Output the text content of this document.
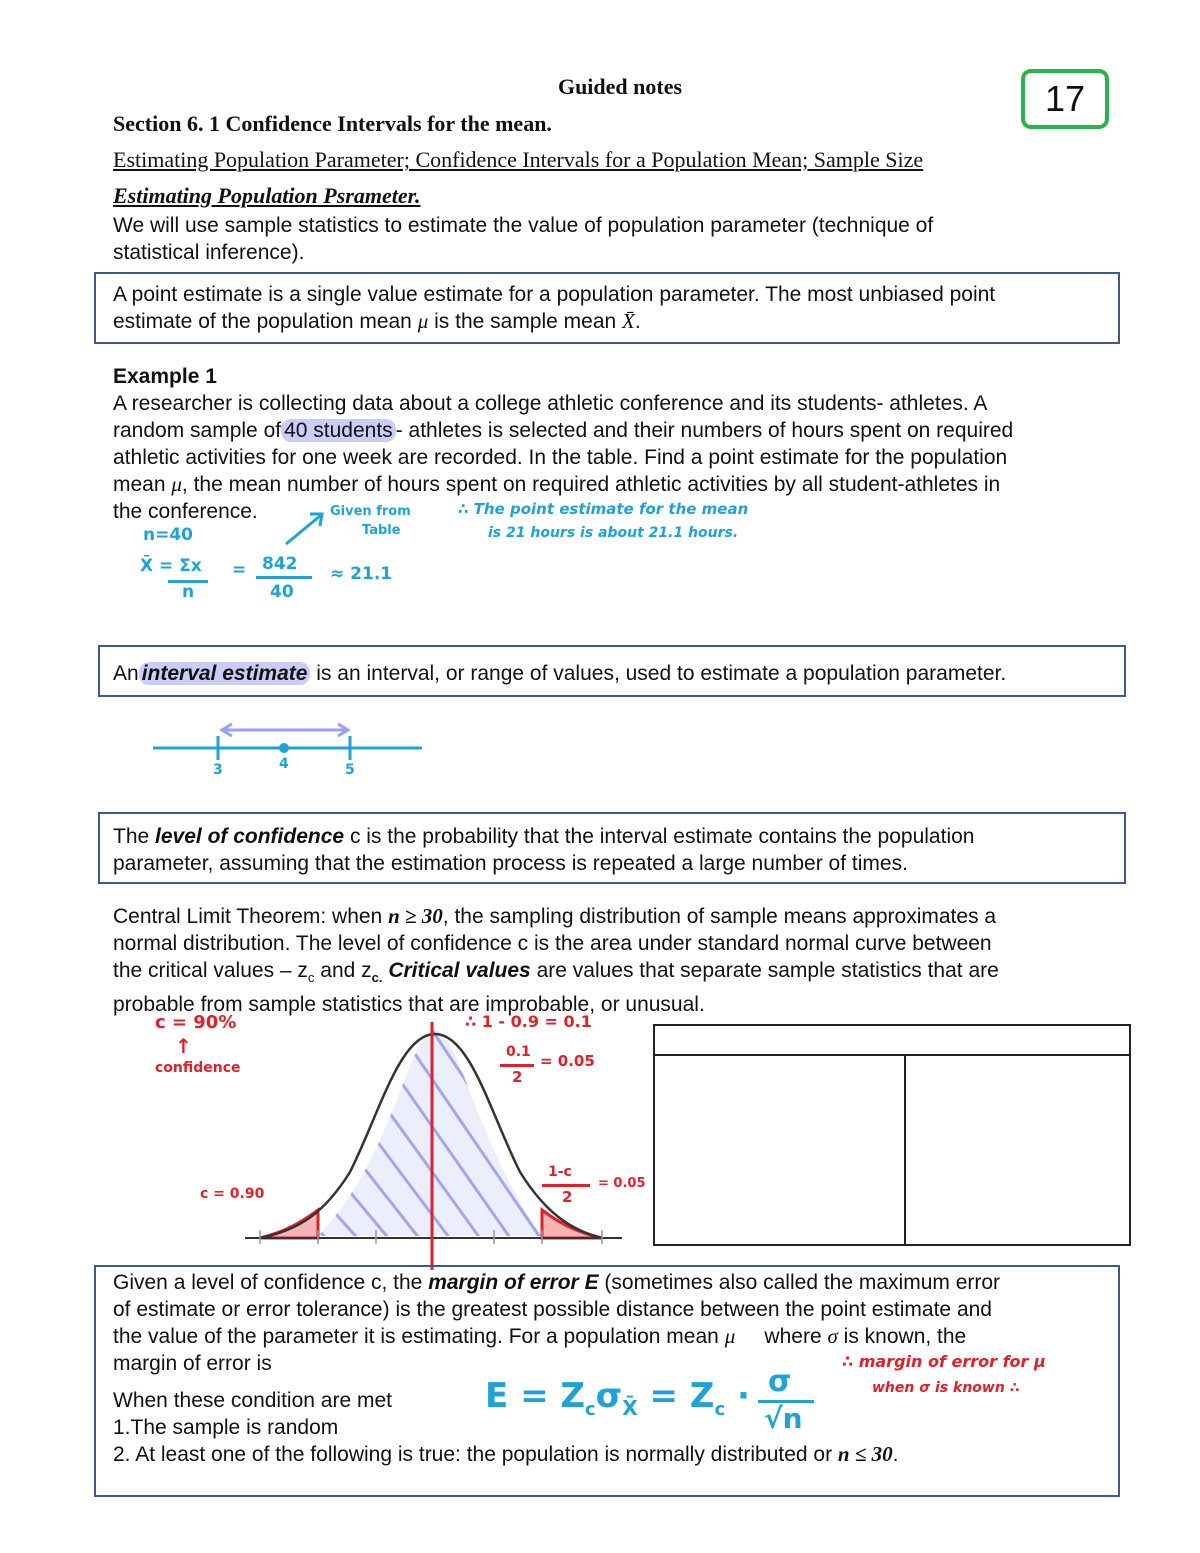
Guided notes	17
Section 6. 1 Confidence Intervals for the mean.
Estimating Population Parameter; Confidence Intervals for a Population Mean; Sample Size
Estimating Population Psrameter.
We will use sample statistics to estimate the value of population parameter (technique of
statistical inference).
A point estimate is a single value estimate for a population parameter. The most unbiased point
estimate of the population mean μ is the sample mean X̄.
Example 1
A researcher is collecting data about a college athletic conference and its students- athletes. A
random sample of 40 students - athletes is selected and their numbers of hours spent on required
athletic activities for one week are recorded. In the table. Find a point estimate for the population
mean μ, the mean number of hours spent on required athletic activities by all student-athletes in
the conference.
n=40
Given from
Table
X̄ = Σx
n
= 842
40
≈ 21.1
∴ The point estimate for the mean
is 21 hours is about 21.1 hours.
An interval estimate is an interval, or range of values, used to estimate a population parameter.
3	4	5
The level of confidence c is the probability that the interval estimate contains the population
parameter, assuming that the estimation process is repeated a large number of times.
Central Limit Theorem: when n ≥ 30, the sampling distribution of sample means approximates a
normal distribution. The level of confidence c is the area under standard normal curve between
the critical values – $z_c$ and $z_{c.}$ Critical values are values that separate sample statistics that are
probable from sample statistics that are improbable, or unusual.
c = 90%
↑
confidence
c = 0.90
∴ 1 - 0.9 = 0.1
0.1
2
= 0.05
1-c
2
= 0.05
Given a level of confidence c, the margin of error E (sometimes also called the maximum error
of estimate or error tolerance) is the greatest possible distance between the point estimate and
the value of the parameter it is estimating. For a population mean μ where σ is known, the
margin of error is
When these condition are met
1.The sample is random
2. At least one of the following is true: the population is normally distributed or n ≤ 30.
$E = Z_c\sigma_{X̄} = Z_c \cdot \sigma$
√n
∴ margin of error for μ
when σ is known ∴
